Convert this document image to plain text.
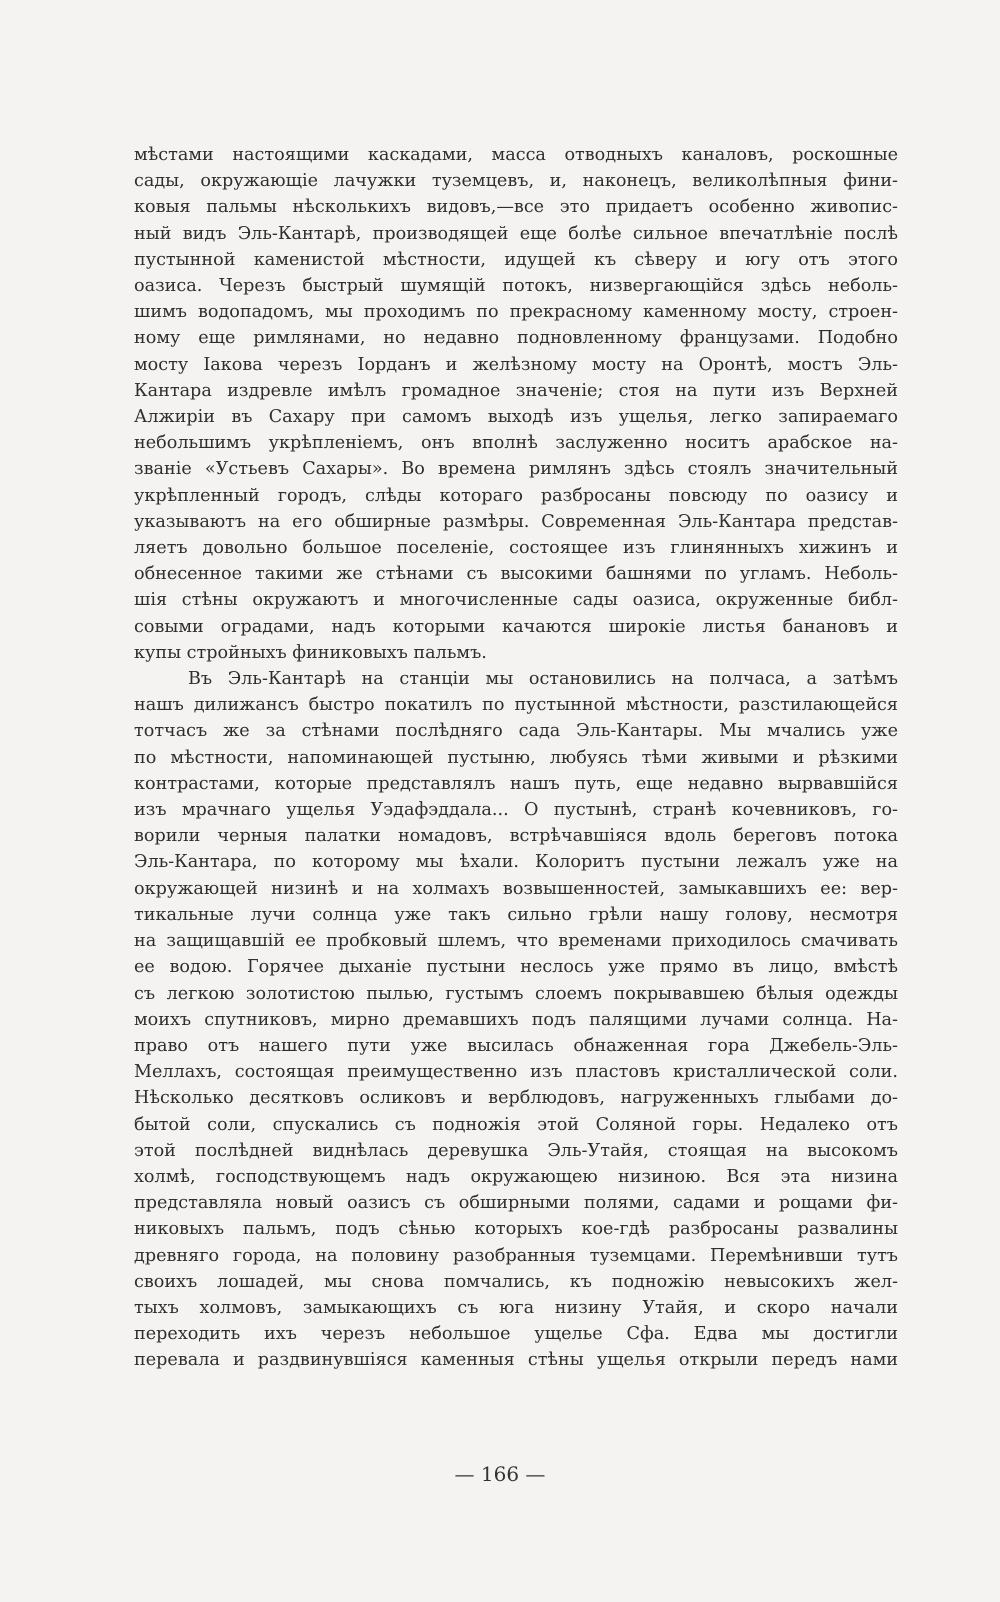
мѣстами настоящими каскадами, масса отводныхъ каналовъ, роскошные
сады, окружающіе лачужки туземцевъ, и, наконецъ, великолѣпныя фини-
ковыя пальмы нѣсколькихъ видовъ,—все это придаетъ особенно живопис-
ный видъ Эль-Кантарѣ, производящей еще болѣе сильное впечатлѣніе послѣ
пустынной каменистой мѣстности, идущей къ сѣверу и югу отъ этого
оазиса. Черезъ быстрый шумящій потокъ, низвергающійся здѣсь неболь-
шимъ водопадомъ, мы проходимъ по прекрасному каменному мосту, строен-
ному еще римлянами, но недавно подновленному французами. Подобно
мосту Іакова черезъ Іорданъ и желѣзному мосту на Оронтѣ, мостъ Эль-
Кантара издревле имѣлъ громадное значеніе; стоя на пути изъ Верхней
Алжиріи въ Сахару при самомъ выходѣ изъ ущелья, легко запираемаго
небольшимъ укрѣпленіемъ, онъ вполнѣ заслуженно носитъ арабское на-
званіе «Устьевъ Сахары». Во времена римлянъ здѣсь стоялъ значительный
укрѣпленный городъ, слѣды котораго разбросаны повсюду по оазису и
указываютъ на его обширные размѣры. Современная Эль-Кантара представ-
ляетъ довольно большое поселеніе, состоящее изъ глинянныхъ хижинъ и
обнесенное такими же стѣнами съ высокими башнями по угламъ. Неболь-
шія стѣны окружаютъ и многочисленные сады оазиса, окруженные библ-
совыми оградами, надъ которыми качаются широкіе листья банановъ и
купы стройныхъ финиковыхъ пальмъ.

Въ Эль-Кантарѣ на станціи мы остановились на полчаса, а затѣмъ
нашъ дилижансъ быстро покатилъ по пустынной мѣстности, разстилающейся
тотчасъ же за стѣнами послѣдняго сада Эль-Кантары. Мы мчались уже
по мѣстности, напоминающей пустыню, любуясь тѣми живыми и рѣзкими
контрастами, которые представлялъ нашъ путь, еще недавно вырвавшійся
изъ мрачнаго ущелья Уэдафэддала... О пустынѣ, странѣ кочевниковъ, го-
ворили черныя палатки номадовъ, встрѣчавшіяся вдоль береговъ потока
Эль-Кантара, по которому мы ѣхали. Колоритъ пустыни лежалъ уже на
окружающей низинѣ и на холмахъ возвышенностей, замыкавшихъ ее: вер-
тикальные лучи солнца уже такъ сильно грѣли нашу голову, несмотря
на защищавшій ее пробковый шлемъ, что временами приходилось смачивать
ее водою. Горячее дыханіе пустыни неслось уже прямо въ лицо, вмѣстѣ
съ легкою золотистою пылью, густымъ слоемъ покрывавшею бѣлыя одежды
моихъ спутниковъ, мирно дремавшихъ подъ палящими лучами солнца. На-
право отъ нашего пути уже высилась обнаженная гора Джебель-Эль-
Меллахъ, состоящая преимущественно изъ пластовъ кристаллической соли.
Нѣсколько десятковъ осликовъ и верблюдовъ, нагруженныхъ глыбами до-
бытой соли, спускались съ подножія этой Соляной горы. Недалеко отъ
этой послѣдней виднѣлась деревушка Эль-Утайя, стоящая на высокомъ
холмѣ, господствующемъ надъ окружающею низиною. Вся эта низина
представляла новый оазисъ съ обширными полями, садами и рощами фи-
никовыхъ пальмъ, подъ сѣнью которыхъ кое-гдѣ разбросаны развалины
древняго города, на половину разобранныя туземцами. Перемѣнивши тутъ
своихъ лошадей, мы снова помчались, къ подножію невысокихъ жел-
тыхъ холмовъ, замыкающихъ съ юга низину Утайя, и скоро начали
переходить ихъ черезъ небольшое ущелье Сфа. Едва мы достигли
перевала и раздвинувшіяся каменныя стѣны ущелья открыли передъ нами

— 166 —
